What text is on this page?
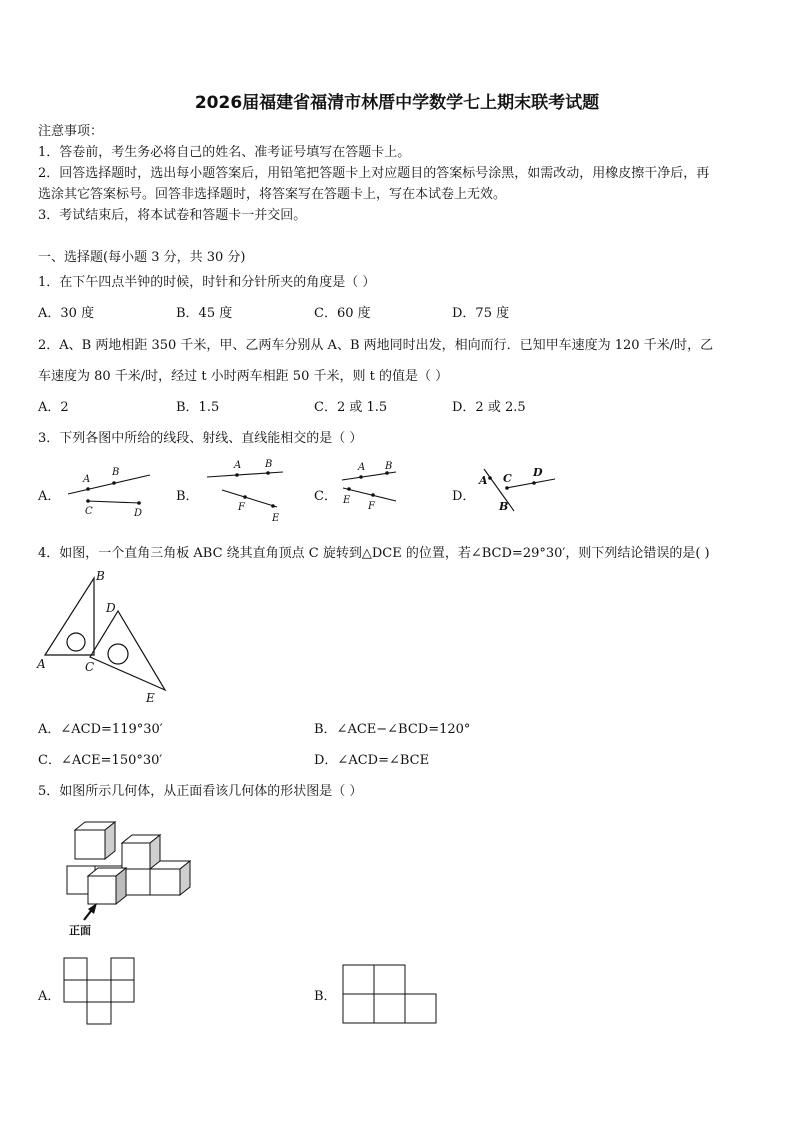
2026届福建省福清市林厝中学数学七上期末联考试题
注意事项：
1．答卷前，考生务必将自己的姓名、准考证号填写在答题卡上。
2．回答选择题时，选出每小题答案后，用铅笔把答题卡上对应题目的答案标号涂黑，如需改动，用橡皮擦干净后，再
选涂其它答案标号。回答非选择题时，将答案写在答题卡上，写在本试卷上无效。
3．考试结束后，将本试卷和答题卡一并交回。
一、选择题(每小题 3 分，共 30 分)
1．在下午四点半钟的时候，时针和分针所夹的角度是（ ）
A．30 度	B．45 度	C．60 度	D．75 度
2．A、B 两地相距 350 千米，甲、乙两车分别从 A、B 两地同时出发，相向而行．已知甲车速度为 120 千米/时，乙
车速度为 80 千米/时，经过 t 小时两车相距 50 千米，则 t 的值是（ ）
A．2	B．1.5	C．2 或 1.5	D．2 或 2.5
3．下列各图中所给的线段、射线、直线能相交的是（ ）
A．	B．	C．	D．
A
B
C	D
A B
F
E
A B
E
F
A C D
B
4．如图，一个直角三角板 ABC 绕其直角顶点 C 旋转到△DCE 的位置，若∠BCD=29°30′，则下列结论错误的是( )
B
D
A	C
E
A．∠ACD=119°30′	B．∠ACE−∠BCD=120°
C．∠ACE=150°30′	D．∠ACD=∠BCE
5．如图所示几何体，从正面看该几何体的形状图是（ ）
正面
A．	B．
